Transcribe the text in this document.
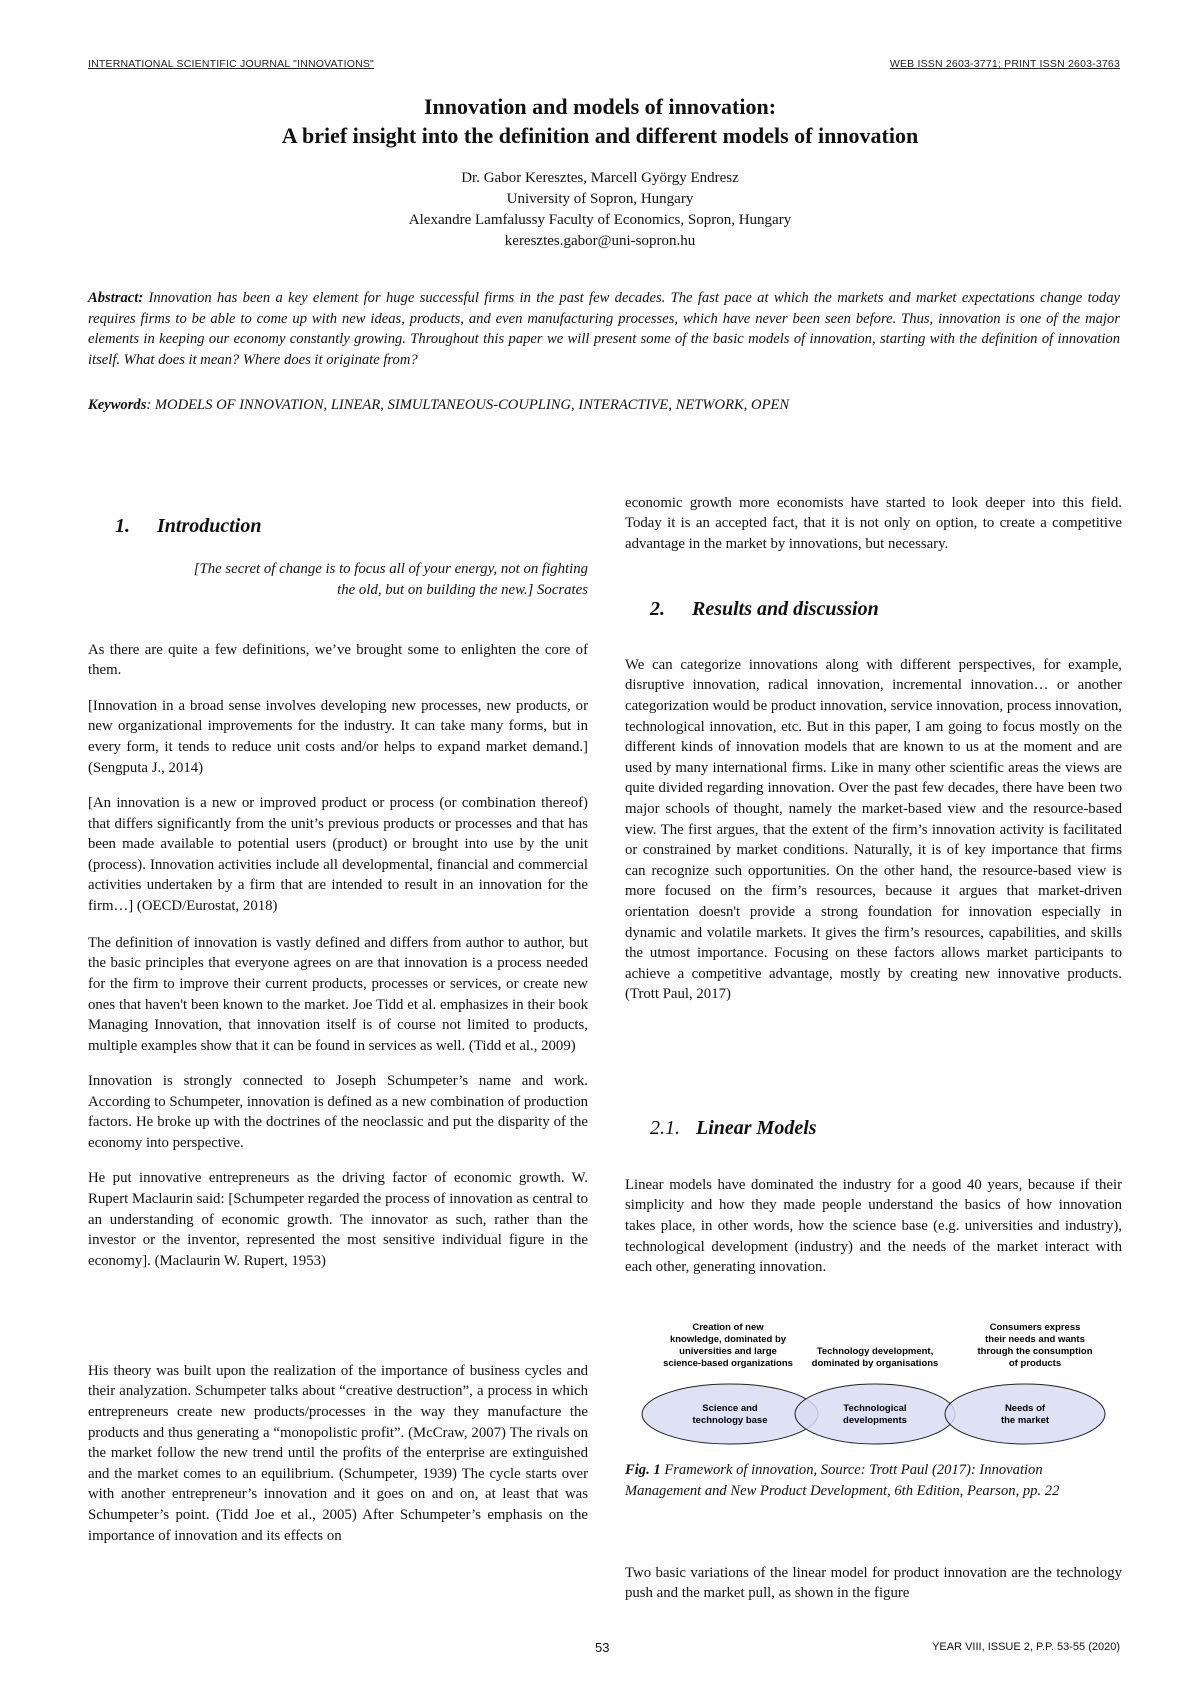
INTERNATIONAL SCIENTIFIC JOURNAL "INNOVATIONS"	WEB ISSN 2603-3771; PRINT ISSN 2603-3763
Innovation and models of innovation:
A brief insight into the definition and different models of innovation
Dr. Gabor Keresztes, Marcell György Endresz
University of Sopron, Hungary
Alexandre Lamfalussy Faculty of Economics, Sopron, Hungary
keresztes.gabor@uni-sopron.hu
Abstract: Innovation has been a key element for huge successful firms in the past few decades. The fast pace at which the markets and market expectations change today requires firms to be able to come up with new ideas, products, and even manufacturing processes, which have never been seen before. Thus, innovation is one of the major elements in keeping our economy constantly growing. Throughout this paper we will present some of the basic models of innovation, starting with the definition of innovation itself. What does it mean? Where does it originate from?
Keywords: MODELS OF INNOVATION, LINEAR, SIMULTANEOUS-COUPLING, INTERACTIVE, NETWORK, OPEN
1. Introduction
[The secret of change is to focus all of your energy, not on fighting
the old, but on building the new.] Socrates

As there are quite a few definitions, we’ve brought some to enlighten the core of them.

[Innovation in a broad sense involves developing new processes, new products, or new organizational improvements for the industry. It can take many forms, but in every form, it tends to reduce unit costs and/or helps to expand market demand.] (Sengputa J., 2014)

[An innovation is a new or improved product or process (or combination thereof) that differs significantly from the unit’s previous products or processes and that has been made available to potential users (product) or brought into use by the unit (process). Innovation activities include all developmental, financial and commercial activities undertaken by a firm that are intended to result in an innovation for the firm…] (OECD/Eurostat, 2018)

The definition of innovation is vastly defined and differs from author to author, but the basic principles that everyone agrees on are that innovation is a process needed for the firm to improve their current products, processes or services, or create new ones that haven't been known to the market. Joe Tidd et al. emphasizes in their book Managing Innovation, that innovation itself is of course not limited to products, multiple examples show that it can be found in services as well. (Tidd et al., 2009)

Innovation is strongly connected to Joseph Schumpeter’s name and work. According to Schumpeter, innovation is defined as a new combination of production factors. He broke up with the doctrines of the neoclassic and put the disparity of the economy into perspective.

He put innovative entrepreneurs as the driving factor of economic growth. W. Rupert Maclaurin said: [Schumpeter regarded the process of innovation as central to an understanding of economic growth. The innovator as such, rather than the investor or the inventor, represented the most sensitive individual figure in the economy]. (Maclaurin W. Rupert, 1953)

His theory was built upon the realization of the importance of business cycles and their analyzation. Schumpeter talks about “creative destruction”, a process in which entrepreneurs create new products/processes in the way they manufacture the products and thus generating a “monopolistic profit”. (McCraw, 2007) The rivals on the market follow the new trend until the profits of the enterprise are extinguished and the market comes to an equilibrium. (Schumpeter, 1939) The cycle starts over with another entrepreneur’s innovation and it goes on and on, at least that was Schumpeter’s point. (Tidd Joe et al., 2005) After Schumpeter’s emphasis on the importance of innovation and its effects on

economic growth more economists have started to look deeper into this field. Today it is an accepted fact, that it is not only on option, to create a competitive advantage in the market by innovations, but necessary.

2. Results and discussion

We can categorize innovations along with different perspectives, for example, disruptive innovation, radical innovation, incremental innovation… or another categorization would be product innovation, service innovation, process innovation, technological innovation, etc. But in this paper, I am going to focus mostly on the different kinds of innovation models that are known to us at the moment and are used by many international firms. Like in many other scientific areas the views are quite divided regarding innovation. Over the past few decades, there have been two major schools of thought, namely the market-based view and the resource-based view. The first argues, that the extent of the firm’s innovation activity is facilitated or constrained by market conditions. Naturally, it is of key importance that firms can recognize such opportunities. On the other hand, the resource-based view is more focused on the firm’s resources, because it argues that market-driven orientation doesn't provide a strong foundation for innovation especially in dynamic and volatile markets. It gives the firm’s resources, capabilities, and skills the utmost importance. Focusing on these factors allows market participants to achieve a competitive advantage, mostly by creating new innovative products. (Trott Paul, 2017)

2.1. Linear Models

Linear models have dominated the industry for a good 40 years, because if their simplicity and how they made people understand the basics of how innovation takes place, in other words, how the science base (e.g. universities and industry), technological development (industry) and the needs of the market interact with each other, generating innovation.

Creation of new
knowledge, dominated by
universities and large
science-based organizations
Technology development,
dominated by organisations
Consumers express
their needs and wants
through the consumption
of products
Science and
technology base
Technological
developments
Needs of
the market
Fig. 1 Framework of innovation, Source: Trott Paul (2017): Innovation Management and New Product Development, 6th Edition, Pearson, pp. 22

Two basic variations of the linear model for product innovation are the technology push and the market pull, as shown in the figure

53	YEAR VIII, ISSUE 2, P.P. 53-55 (2020)
